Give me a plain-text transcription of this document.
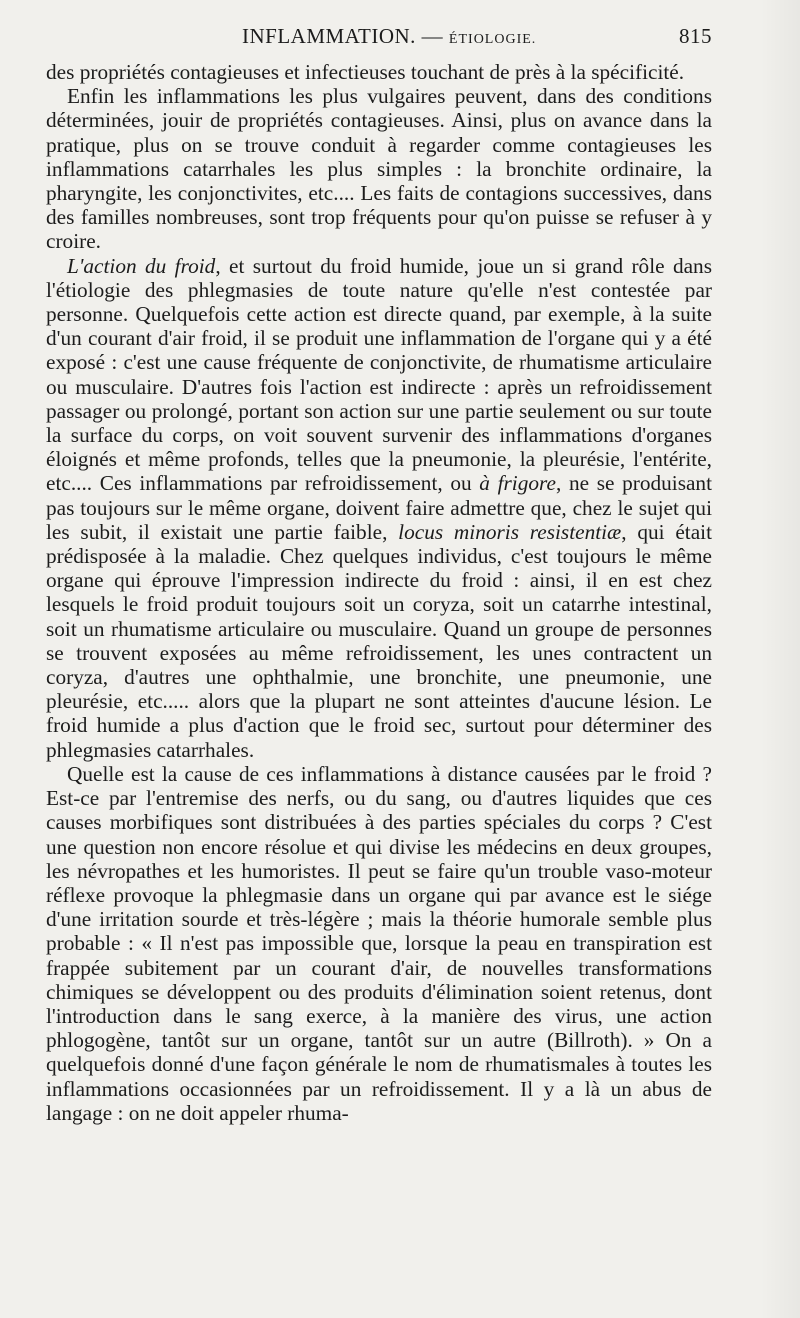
INFLAMMATION. — ÉTIOLOGIE.	815

des propriétés contagieuses et infectieuses touchant de près à la spécificité.

Enfin les inflammations les plus vulgaires peuvent, dans des conditions déterminées, jouir de propriétés contagieuses. Ainsi, plus on avance dans la pratique, plus on se trouve conduit à regarder comme contagieuses les inflammations catarrhales les plus simples : la bronchite ordinaire, la pharyngite, les conjonctivites, etc.... Les faits de contagions successives, dans des familles nombreuses, sont trop fréquents pour qu'on puisse se refuser à y croire.

L'action du froid, et surtout du froid humide, joue un si grand rôle dans l'étiologie des phlegmasies de toute nature qu'elle n'est contestée par personne. Quelquefois cette action est directe quand, par exemple, à la suite d'un courant d'air froid, il se produit une inflammation de l'organe qui y a été exposé : c'est une cause fréquente de conjonctivite, de rhumatisme articulaire ou musculaire. D'autres fois l'action est indirecte : après un refroidissement passager ou prolongé, portant son action sur une partie seulement ou sur toute la surface du corps, on voit souvent survenir des inflammations d'organes éloignés et même profonds, telles que la pneumonie, la pleurésie, l'entérite, etc.... Ces inflammations par refroidissement, ou à frigore, ne se produisant pas toujours sur le même organe, doivent faire admettre que, chez le sujet qui les subit, il existait une partie faible, locus minoris resistentiæ, qui était prédisposée à la maladie. Chez quelques individus, c'est toujours le même organe qui éprouve l'impression indirecte du froid : ainsi, il en est chez lesquels le froid produit toujours soit un coryza, soit un catarrhe intestinal, soit un rhumatisme articulaire ou musculaire. Quand un groupe de personnes se trouvent exposées au même refroidissement, les unes contractent un coryza, d'autres une ophthalmie, une bronchite, une pneumonie, une pleurésie, etc..... alors que la plupart ne sont atteintes d'aucune lésion. Le froid humide a plus d'action que le froid sec, surtout pour déterminer des phlegmasies catarrhales.

Quelle est la cause de ces inflammations à distance causées par le froid ? Est-ce par l'entremise des nerfs, ou du sang, ou d'autres liquides que ces causes morbifiques sont distribuées à des parties spéciales du corps ? C'est une question non encore résolue et qui divise les médecins en deux groupes, les névropathes et les humoristes. Il peut se faire qu'un trouble vaso-moteur réflexe provoque la phlegmasie dans un organe qui par avance est le siége d'une irritation sourde et très-légère ; mais la théorie humorale semble plus probable : « Il n'est pas impossible que, lorsque la peau en transpiration est frappée subitement par un courant d'air, de nouvelles transformations chimiques se développent ou des produits d'élimination soient retenus, dont l'introduction dans le sang exerce, à la manière des virus, une action phlogogène, tantôt sur un organe, tantôt sur un autre (Billroth). » On a quelquefois donné d'une façon générale le nom de rhumatismales à toutes les inflammations occasionnées par un refroidissement. Il y a là un abus de langage : on ne doit appeler rhuma-
